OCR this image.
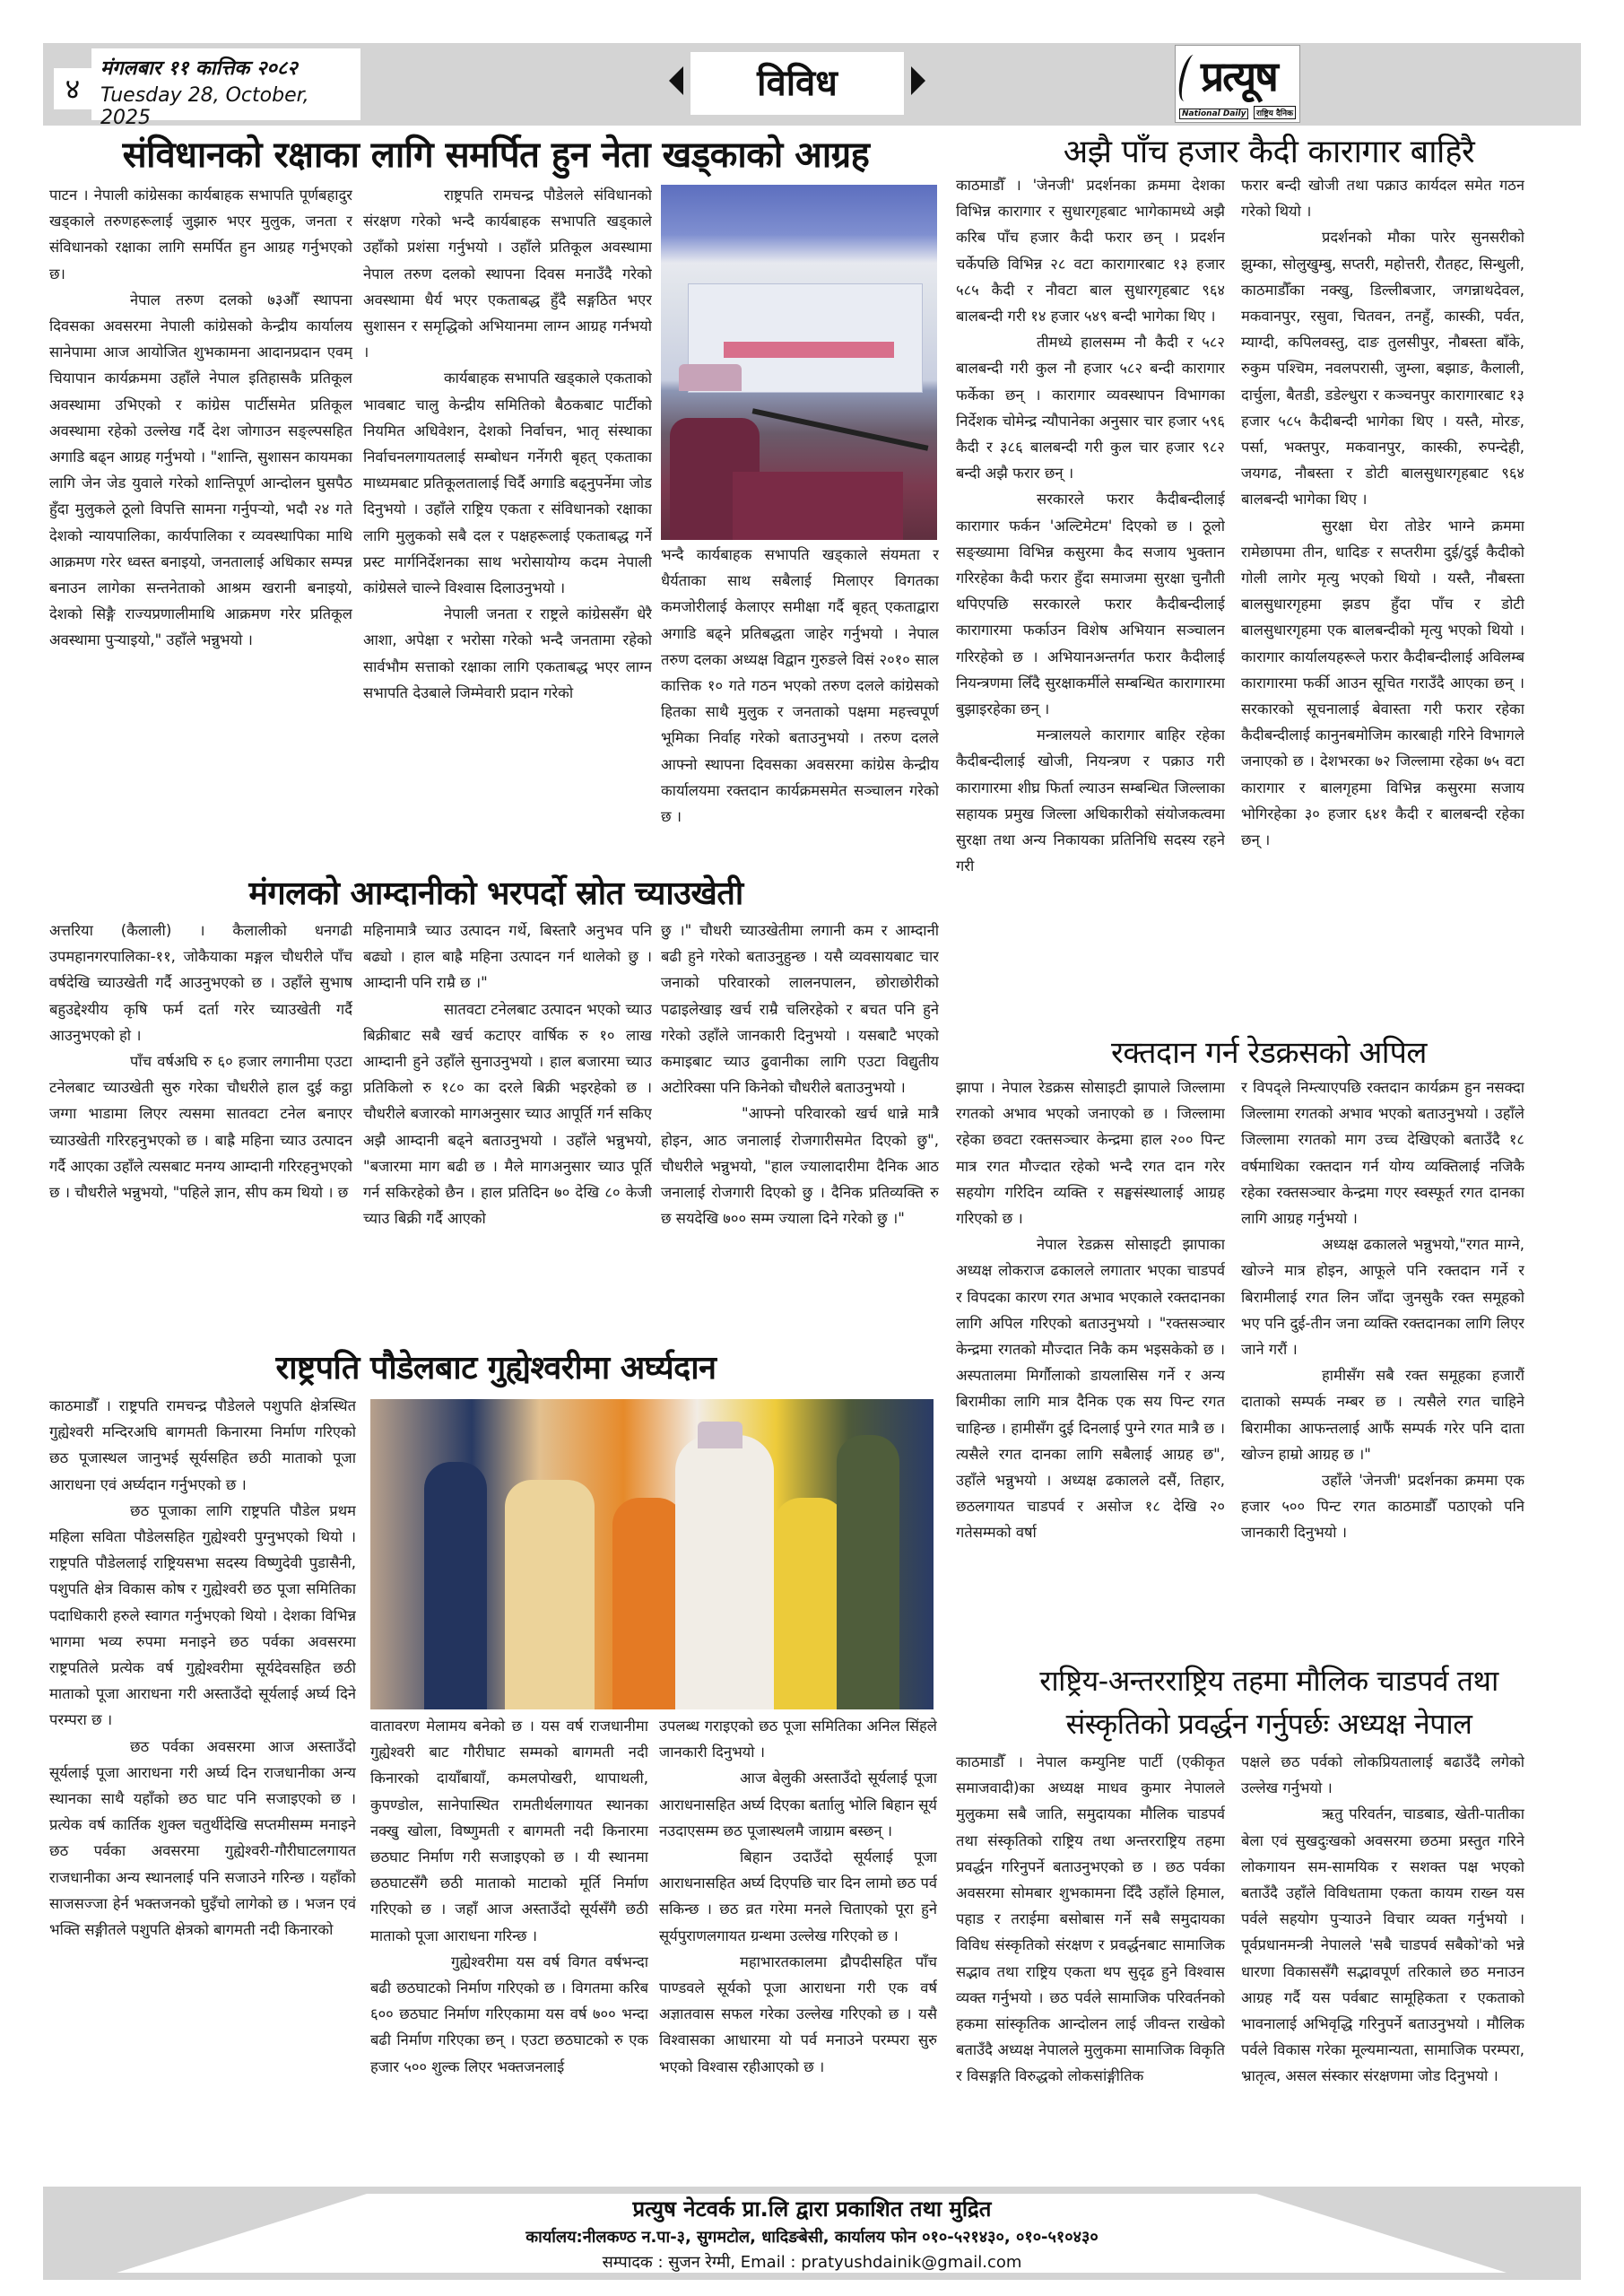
४
मंगलबार ११ कात्तिक २०८२
Tuesday 28, October, 2025
विविध	प्रत्यूष
National Daily	राष्ट्रिय दैनिक
संविधानको रक्षाका लागि समर्पित हुन नेता खड्काको आग्रह

पाटन । नेपाली कांग्रेसका कार्यबाहक सभापति पूर्णबहादुर खड्काले तरुणहरूलाई जुझारु भएर मुलुक, जनता र संविधानको रक्षाका लागि समर्पित हुन आग्रह गर्नुभएको छ।

नेपाल तरुण दलको ७३औँ स्थापना दिवसका अवसरमा नेपाली कांग्रेसको केन्द्रीय कार्यालय सानेपामा आज आयोजित शुभकामना आदानप्रदान एवम् चियापान कार्यक्रममा उहाँले नेपाल इतिहासकै प्रतिकूल अवस्थामा उभिएको र कांग्रेस पार्टीसमेत प्रतिकूल अवस्थामा रहेको उल्लेख गर्दै देश जोगाउन सङ्ल्पसहित अगाडि बढ्न आग्रह गर्नुभयो । "शान्ति, सुशासन कायमका लागि जेन जेड युवाले गरेको शान्तिपूर्ण आन्दोलन घुसपैठ हुँदा मुलुकले ठूलो विपत्ति सामना गर्नुपर्‍यो, भदौ २४ गते देशको न्यायपालिका, कार्यपालिका र व्यवस्थापिका माथि आक्रमण गरेर ध्वस्त बनाइयो, जनतालाई अधिकार सम्पन्न बनाउन लागेका सन्तनेताको आश्रम खरानी बनाइयो, देशको सिङ्गै राज्यप्रणालीमाथि आक्रमण गरेर प्रतिकूल अवस्थामा पुर्‍याइयो," उहाँले भन्नुभयो ।

राष्ट्रपति रामचन्द्र पौडेलले संविधानको संरक्षण गरेको भन्दै कार्यबाहक सभापति खड्काले उहाँको प्रशंसा गर्नुभयो । उहाँले प्रतिकूल अवस्थामा नेपाल तरुण दलको स्थापना दिवस मनाउँदै गरेको अवस्थामा धैर्य भएर एकताबद्ध हुँदै सङ्गठित भएर सुशासन र समृद्धिको अभियानमा लाग्न आग्रह गर्नभयो ।

कार्यबाहक सभापति खड्काले एकताको भावबाट चालु केन्द्रीय समितिको बैठकबाट पार्टीको नियमित अधिवेशन, देशको निर्वाचन, भातृ संस्थाका निर्वाचनलगायतलाई सम्बोधन गर्नेगरी बृहत् एकताका माध्यमबाट प्रतिकूलतालाई चिर्दै अगाडि बढ्नुपर्नेमा जोड दिनुभयो । उहाँले राष्ट्रिय एकता र संविधानको रक्षाका लागि मुलुकको सबै दल र पक्षहरूलाई एकताबद्ध गर्ने प्रस्ट मार्गनिर्देशनका साथ भरोसायोग्य कदम नेपाली कांग्रेसले चाल्ने विश्वास दिलाउनुभयो ।

नेपाली जनता र राष्ट्रले कांग्रेससँग धेरै आशा, अपेक्षा र भरोसा गरेको भन्दै जनतामा रहेको सार्वभौम सत्ताको रक्षाका लागि एकताबद्ध भएर लाग्न सभापति देउबाले जिम्मेवारी प्रदान गरेको

भन्दै कार्यबाहक सभापति खड्काले संयमता र धैर्यताका साथ सबैलाई मिलाएर विगतका कमजोरीलाई केलाएर समीक्षा गर्दै बृहत् एकताद्वारा अगाडि बढ्ने प्रतिबद्धता जाहेर गर्नुभयो । नेपाल तरुण दलका अध्यक्ष विद्वान गुरुङले विसं २०१० साल कात्तिक १० गते गठन भएको तरुण दलले कांग्रेसको हितका साथै मुलुक र जनताको पक्षमा महत्त्वपूर्ण भूमिका निर्वाह गरेको बताउनुभयो । तरुण दलले आफ्नो स्थापना दिवसका अवसरमा कांग्रेस केन्द्रीय कार्यालयमा रक्तदान कार्यक्रमसमेत सञ्चालन गरेको छ ।

अझै पाँच हजार कैदी कारागार बाहिरै

काठमाडौँ । 'जेनजी' प्रदर्शनका क्रममा देशका विभिन्न कारागार र सुधारगृहबाट भागेकामध्ये अझै करिब पाँच हजार कैदी फरार छन् । प्रदर्शन चर्केपछि विभिन्न २८ वटा कारागारबाट १३ हजार ५८५ कैदी र नौवटा बाल सुधारगृहबाट ९६४ बालबन्दी गरी १४ हजार ५४९ बन्दी भागेका थिए ।

तीमध्ये हालसम्म नौ कैदी र ५८२ बालबन्दी गरी कुल नौ हजार ५८२ बन्दी कारागार फर्केका छन् । कारागार व्यवस्थापन विभागका निर्देशक चोमेन्द्र न्यौपानेका अनुसार चार हजार ५९६ कैदी र ३८६ बालबन्दी गरी कुल चार हजार ९८२ बन्दी अझै फरार छन् ।

सरकारले फरार कैदीबन्दीलाई कारागार फर्कन 'अल्टिमेटम' दिएको छ । ठूलो सङ्ख्यामा विभिन्न कसुरमा कैद सजाय भुक्तान गरिरहेका कैदी फरार हुँदा समाजमा सुरक्षा चुनौती थपिएपछि सरकारले फरार कैदीबन्दीलाई कारागारमा फर्काउन विशेष अभियान सञ्चालन गरिरहेको छ । अभियानअन्तर्गत फरार कैदीलाई नियन्त्रणमा लिँदै सुरक्षाकर्मीले सम्बन्धित कारागारमा बुझाइरहेका छन् ।

मन्त्रालयले कारागार बाहिर रहेका कैदीबन्दीलाई खोजी, नियन्त्रण र पक्राउ गरी कारागारमा शीघ्र फिर्ता ल्याउन सम्बन्धित जिल्लाका सहायक प्रमुख जिल्ला अधिकारीको संयोजकत्वमा सुरक्षा तथा अन्य निकायका प्रतिनिधि सदस्य रहने गरी

फरार बन्दी खोजी तथा पक्राउ कार्यदल समेत गठन गरेको थियो ।

प्रदर्शनको मौका पारेर सुनसरीको झुम्का, सोलुखुम्बु, सप्तरी, महोत्तरी, रौतहट, सिन्धुली, काठमाडौँका नक्खु, डिल्लीबजार, जगन्नाथदेवल, मकवानपुर, रसुवा, चितवन, तनहुँ, कास्की, पर्वत, म्याग्दी, कपिलवस्तु, दाङ तुलसीपुर, नौबस्ता बाँके, रुकुम पश्चिम, नवलपरासी, जुम्ला, बझाङ, कैलाली, दार्चुला, बैतडी, डडेल्धुरा र कञ्चनपुर कारागारबाट १३ हजार ५८५ कैदीबन्दी भागेका थिए । यस्तै, मोरङ, पर्सा, भक्तपुर, मकवानपुर, कास्की, रुपन्देही, जयगढ, नौबस्ता र डोटी बालसुधारगृहबाट ९६४ बालबन्दी भागेका थिए ।

सुरक्षा घेरा तोडेर भाग्ने क्रममा रामेछापमा तीन, धादिङ र सप्तरीमा दुई/दुई कैदीको गोली लागेर मृत्यु भएको थियो । यस्तै, नौबस्ता बालसुधारगृहमा झडप हुँदा पाँच र डोटी बालसुधारगृहमा एक बालबन्दीको मृत्यु भएको थियो । कारागार कार्यालयहरूले फरार कैदीबन्दीलाई अविलम्ब कारागारमा फर्की आउन सूचित गराउँदै आएका छन् । सरकारको सूचनालाई बेवास्ता गरी फरार रहेका कैदीबन्दीलाई कानुनबमोजिम कारबाही गरिने विभागले जनाएको छ । देशभरका ७२ जिल्लामा रहेका ७५ वटा कारागार र बालगृहमा विभिन्न कसुरमा सजाय भोगिरहेका ३० हजार ६४१ कैदी र बालबन्दी रहेका छन् ।

मंगलको आम्दानीको भरपर्दो स्रोत च्याउखेती

अत्तरिया (कैलाली) । कैलालीको धनगढी उपमहानगरपालिका-११, जोकैयाका मङ्गल चौधरीले पाँच वर्षदेखि च्याउखेती गर्दै आउनुभएको छ । उहाँले सुभाष बहुउद्देश्यीय कृषि फर्म दर्ता गरेर च्याउखेती गर्दै आउनुभएको हो ।

पाँच वर्षअघि रु ६० हजार लगानीमा एउटा टनेलबाट च्याउखेती सुरु गरेका चौधरीले हाल दुई कट्ठा जग्गा भाडामा लिएर त्यसमा सातवटा टनेल बनाएर च्याउखेती गरिरहनुभएको छ । बाह्रै महिना च्याउ उत्पादन गर्दै आएका उहाँले त्यसबाट मनग्य आम्दानी गरिरहनुभएको छ । चौधरीले भन्नुभयो, "पहिले ज्ञान, सीप कम थियो । छ

महिनामात्रै च्याउ उत्पादन गर्थे, बिस्तारै अनुभव पनि बढ्यो । हाल बाह्रै महिना उत्पादन गर्न थालेको छु । आम्दानी पनि राम्रै छ ।"

सातवटा टनेलबाट उत्पादन भएको च्याउ बिक्रीबाट सबै खर्च कटाएर वार्षिक रु १० लाख आम्दानी हुने उहाँले सुनाउनुभयो । हाल बजारमा च्याउ प्रतिकिलो रु १८० का दरले बिक्री भइरहेको छ । चौधरीले बजारको मागअनुसार च्याउ आपूर्ति गर्न सकिए अझै आम्दानी बढ्ने बताउनुभयो । उहाँले भन्नुभयो, "बजारमा माग बढी छ । मैले मागअनुसार च्याउ पूर्ति गर्न सकिरहेको छैन । हाल प्रतिदिन ७० देखि ८० केजी च्याउ बिक्री गर्दै आएको

छु ।" चौधरी च्याउखेतीमा लगानी कम र आम्दानी बढी हुने गरेको बताउनुहुन्छ । यसै व्यवसायबाट चार जनाको परिवारको लालनपालन, छोराछोरीको पढाइलेखाइ खर्च राम्रै चलिरहेको र बचत पनि हुने गरेको उहाँले जानकारी दिनुभयो । यसबाटै भएको कमाइबाट च्याउ ढुवानीका लागि एउटा विद्युतीय अटोरिक्सा पनि किनेको चौधरीले बताउनुभयो ।

"आफ्नो परिवारको खर्च धान्ने मात्रै होइन, आठ जनालाई रोजगारीसमेत दिएको छु", चौधरीले भन्नुभयो, "हाल ज्यालादारीमा दैनिक आठ जनालाई रोजगारी दिएको छु । दैनिक प्रतिव्यक्ति रु छ सयदेखि ७०० सम्म ज्याला दिने गरेको छु ।"

राष्ट्रपति पौडेलबाट गुह्येश्वरीमा अर्घ्यदान

काठमाडौँ । राष्ट्रपति रामचन्द्र पौडेलले पशुपति क्षेत्रस्थित गुह्येश्वरी मन्दिरअघि बागमती किनारमा निर्माण गरिएको छठ पूजास्थल जानुभई सूर्यसहित छठी माताको पूजा आराधना एवं अर्घ्यदान गर्नुभएको छ ।

छठ पूजाका लागि राष्ट्रपति पौडेल प्रथम महिला सविता पौडेलसहित गुह्येश्वरी पुग्नुभएको थियो । राष्ट्रपति पौडेललाई राष्ट्रियसभा सदस्य विष्णुदेवी पुडासैनी, पशुपति क्षेत्र विकास कोष र गुह्येश्वरी छठ पूजा समितिका पदाधिकारी हरुले स्वागत गर्नुभएको थियो । देशका विभिन्न भागमा भव्य रुपमा मनाइने छठ पर्वका अवसरमा राष्ट्रपतिले प्रत्येक वर्ष गुह्येश्वरीमा सूर्यदेवसहित छठी माताको पूजा आराधना गरी अस्ताउँदो सूर्यलाई अर्घ्य दिने परम्परा छ ।

छठ पर्वका अवसरमा आज अस्ताउँदो सूर्यलाई पूजा आराधना गरी अर्घ्य दिन राजधानीका अन्य स्थानका साथै यहाँको छठ घाट पनि सजाइएको छ । प्रत्येक वर्ष कार्तिक शुक्ल चतुर्थीदेखि सप्तमीसम्म मनाइने छठ पर्वका अवसरमा गुह्येश्वरी-गौरीघाटलगायत राजधानीका अन्य स्थानलाई पनि सजाउने गरिन्छ । यहाँको साजसज्जा हेर्न भक्तजनको घुइँचो लागेको छ । भजन एवं भक्ति सङ्गीतले पशुपति क्षेत्रको बागमती नदी किनारको

वातावरण मेलामय बनेको छ । यस वर्ष राजधानीमा गुह्येश्वरी बाट गौरीघाट सम्मको बागमती नदी किनारको दायाँबायाँ, कमलपोखरी, थापाथली, कुपण्डोल, सानेपास्थित रामतीर्थलगायत स्थानका नक्खु खोला, विष्णुमती र बागमती नदी किनारमा छठघाट निर्माण गरी सजाइएको छ । यी स्थानमा छठघाटसँगै छठी माताको माटाको मूर्ति निर्माण गरिएको छ । जहाँ आज अस्ताउँदो सूर्यसँगै छठी माताको पूजा आराधना गरिन्छ ।

गुह्येश्वरीमा यस वर्ष विगत वर्षभन्दा बढी छठघाटको निर्माण गरिएको छ । विगतमा करिब ६०० छठघाट निर्माण गरिएकामा यस वर्ष ७०० भन्दा बढी निर्माण गरिएका छन् । एउटा छठघाटको रु एक हजार ५०० शुल्क लिएर भक्तजनलाई

उपलब्ध गराइएको छठ पूजा समितिका अनिल सिंहले जानकारी दिनुभयो ।

आज बेलुकी अस्ताउँदो सूर्यलाई पूजा आराधनासहित अर्घ्य दिएका बर्ताालु भोलि बिहान सूर्य नउदाएसम्म छठ पूजास्थलमै जाग्राम बस्छन् ।

बिहान उदाउँदो सूर्यलाई पूजा आराधनासहित अर्घ्य दिएपछि चार दिन लामो छठ पर्व सकिन्छ । छठ व्रत गरेमा मनले चिताएको पूरा हुने सूर्यपुराणलगायत ग्रन्थमा उल्लेख गरिएको छ ।

महाभारतकालमा द्रौपदीसहित पाँच पाण्डवले सूर्यको पूजा आराधना गरी एक वर्ष अज्ञातवास सफल गरेका उल्लेख गरिएको छ । यसै विश्वासका आधारमा यो पर्व मनाउने परम्परा सुरु भएको विश्वास रहीआएको छ ।

रक्तदान गर्न रेडक्रसको अपिल

झापा । नेपाल रेडक्रस सोसाइटी झापाले जिल्लामा रगतको अभाव भएको जनाएको छ । जिल्लामा रहेका छवटा रक्तसञ्चार केन्द्रमा हाल २०० पिन्ट मात्र रगत मौज्दात रहेको भन्दै रगत दान गरेर सहयोग गरिदिन व्यक्ति र सङ्घसंस्थालाई आग्रह गरिएको छ ।

नेपाल रेडक्रस सोसाइटी झापाका अध्यक्ष लोकराज ढकालले लगातार भएका चाडपर्व र विपदका कारण रगत अभाव भएकाले रक्तदानका लागि अपिल गरिएको बताउनुभयो । "रक्तसञ्चार केन्द्रमा रगतको मौज्दात निकै कम भइसकेको छ । अस्पतालमा मिर्गौलाको डायलासिस गर्ने र अन्य बिरामीका लागि मात्र दैनिक एक सय पिन्ट रगत चाहिन्छ । हामीसँग दुई दिनलाई पुग्ने रगत मात्रै छ । त्यसैले रगत दानका लागि सबैलाई आग्रह छ", उहाँले भन्नुभयो । अध्यक्ष ढकालले दसैं, तिहार, छठलगायत चाडपर्व र असोज १८ देखि २० गतेसम्मको वर्षा

र विपद्ले निम्त्याएपछि रक्तदान कार्यक्रम हुन नसक्दा जिल्लामा रगतको अभाव भएको बताउनुभयो । उहाँले जिल्लामा रगतको माग उच्च देखिएको बताउँदै १८ वर्षमाथिका रक्तदान गर्न योग्य व्यक्तिलाई नजिकै रहेका रक्तसञ्चार केन्द्रमा गएर स्वस्फूर्त रगत दानका लागि आग्रह गर्नुभयो ।

अध्यक्ष ढकालले भन्नुभयो,"रगत माग्ने, खोज्ने मात्र होइन, आफूले पनि रक्तदान गर्ने र बिरामीलाई रगत लिन जाँदा जुनसुकै रक्त समूहको भए पनि दुई-तीन जना व्यक्ति रक्तदानका लागि लिएर जाने गरौं ।

हामीसँग सबै रक्त समूहका हजारौं दाताको सम्पर्क नम्बर छ । त्यसैले रगत चाहिने बिरामीका आफन्तलाई आफैं सम्पर्क गरेर पनि दाता खोज्न हाम्रो आग्रह छ ।"

उहाँले 'जेनजी' प्रदर्शनका क्रममा एक हजार ५०० पिन्ट रगत काठमाडौँ पठाएको पनि जानकारी दिनुभयो ।

राष्ट्रिय-अन्तरराष्ट्रिय तहमा मौलिक चाडपर्व तथा
संस्कृतिको प्रवर्द्धन गर्नुपर्छः अध्यक्ष नेपाल

काठमाडौँ । नेपाल कम्युनिष्ट पार्टी (एकीकृत समाजवादी)का अध्यक्ष माधव कुमार नेपालले मुलुकमा सबै जाति, समुदायका मौलिक चाडपर्व तथा संस्कृतिको राष्ट्रिय तथा अन्तरराष्ट्रिय तहमा प्रवर्द्धन गरिनुपर्ने बताउनुभएको छ । छठ पर्वका अवसरमा सोमबार शुभकामना दिँदै उहाँले हिमाल, पहाड र तराईमा बसोबास गर्ने सबै समुदायका विविध संस्कृतिको संरक्षण र प्रवर्द्धनबाट सामाजिक सद्भाव तथा राष्ट्रिय एकता थप सुदृढ हुने विश्वास व्यक्त गर्नुभयो । छठ पर्वले सामाजिक परिवर्तनको हकमा सांस्कृतिक आन्दोलन लाई जीवन्त राखेको बताउँदै अध्यक्ष नेपालले मुलुकमा सामाजिक विकृति र विसङ्गति विरुद्धको लोकसांङ्गीतिक

पक्षले छठ पर्वको लोकप्रियतालाई बढाउँदै लगेको उल्लेख गर्नुभयो ।

ऋतु परिवर्तन, चाडबाड, खेती-पातीका बेला एवं सुखदुःखको अवसरमा छठमा प्रस्तुत गरिने लोकगायन सम-सामयिक र सशक्त पक्ष भएको बताउँदै उहाँले विविधतामा एकता कायम राख्न यस पर्वले सहयोग पुऱ्याउने विचार व्यक्त गर्नुभयो । पूर्वप्रधानमन्त्री नेपालले 'सबै चाडपर्व सबैको'को भन्ने धारणा विकाससँगै सद्भावपूर्ण तरिकाले छठ मनाउन आग्रह गर्दै यस पर्वबाट सामूहिकता र एकताको भावनालाई अभिवृद्धि गरिनुपर्ने बताउनुभयो । मौलिक पर्वले विकास गरेका मूल्यमान्यता, सामाजिक परम्परा, भ्रातृत्व, असल संस्कार संरक्षणमा जोड दिनुभयो ।

प्रत्युष नेटवर्क प्रा.लि द्वारा प्रकाशित तथा मुद्रित
कार्यालय:नीलकण्ठ न.पा-३, सुगमटोल, धादिङबेसी, कार्यालय फोन ०१०-५२१४३०, ०१०-५१०४३०
सम्पादक : सुजन रेग्मी, Email : pratyushdainik@gmail.com
